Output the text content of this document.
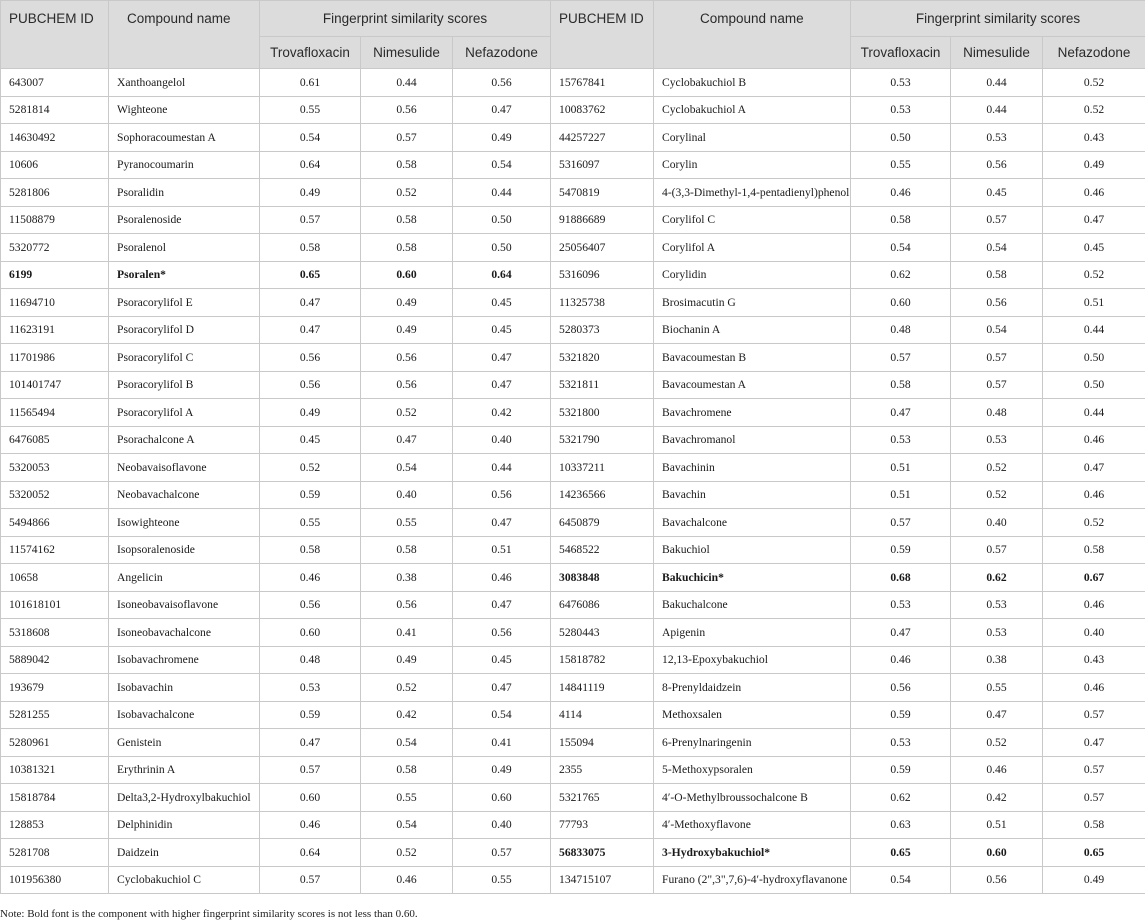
PUBCHEM ID	Compound name	Fingerprint similarity scores			PUBCHEM ID	Compound name	Fingerprint similarity scores		
		Trovafloxacin	Nimesulide	Nefazodone			Trovafloxacin	Nimesulide	Nefazodone
643007	Xanthoangelol	0.61	0.44	0.56	15767841	Cyclobakuchiol B	0.53	0.44	0.52
5281814	Wighteone	0.55	0.56	0.47	10083762	Cyclobakuchiol A	0.53	0.44	0.52
14630492	Sophoracoumestan A	0.54	0.57	0.49	44257227	Corylinal	0.50	0.53	0.43
10606	Pyranocoumarin	0.64	0.58	0.54	5316097	Corylin	0.55	0.56	0.49
5281806	Psoralidin	0.49	0.52	0.44	5470819	4-(3,3-Dimethyl-1,4-pentadienyl)phenol	0.46	0.45	0.46
11508879	Psoralenoside	0.57	0.58	0.50	91886689	Corylifol C	0.58	0.57	0.47
5320772	Psoralenol	0.58	0.58	0.50	25056407	Corylifol A	0.54	0.54	0.45
6199	Psoralen*	0.65	0.60	0.64	5316096	Corylidin	0.62	0.58	0.52
11694710	Psoracorylifol E	0.47	0.49	0.45	11325738	Brosimacutin G	0.60	0.56	0.51
11623191	Psoracorylifol D	0.47	0.49	0.45	5280373	Biochanin A	0.48	0.54	0.44
11701986	Psoracorylifol C	0.56	0.56	0.47	5321820	Bavacoumestan B	0.57	0.57	0.50
101401747	Psoracorylifol B	0.56	0.56	0.47	5321811	Bavacoumestan A	0.58	0.57	0.50
11565494	Psoracorylifol A	0.49	0.52	0.42	5321800	Bavachromene	0.47	0.48	0.44
6476085	Psorachalcone A	0.45	0.47	0.40	5321790	Bavachromanol	0.53	0.53	0.46
5320053	Neobavaisoflavone	0.52	0.54	0.44	10337211	Bavachinin	0.51	0.52	0.47
5320052	Neobavachalcone	0.59	0.40	0.56	14236566	Bavachin	0.51	0.52	0.46
5494866	Isowighteone	0.55	0.55	0.47	6450879	Bavachalcone	0.57	0.40	0.52
11574162	Isopsoralenoside	0.58	0.58	0.51	5468522	Bakuchiol	0.59	0.57	0.58
10658	Angelicin	0.46	0.38	0.46	3083848	Bakuchicin*	0.68	0.62	0.67
101618101	Isoneobavaisoflavone	0.56	0.56	0.47	6476086	Bakuchalcone	0.53	0.53	0.46
5318608	Isoneobavachalcone	0.60	0.41	0.56	5280443	Apigenin	0.47	0.53	0.40
5889042	Isobavachromene	0.48	0.49	0.45	15818782	12,13-Epoxybakuchiol	0.46	0.38	0.43
193679	Isobavachin	0.53	0.52	0.47	14841119	8-Prenyldaidzein	0.56	0.55	0.46
5281255	Isobavachalcone	0.59	0.42	0.54	4114	Methoxsalen	0.59	0.47	0.57
5280961	Genistein	0.47	0.54	0.41	155094	6-Prenylnaringenin	0.53	0.52	0.47
10381321	Erythrinin A	0.57	0.58	0.49	2355	5-Methoxypsoralen	0.59	0.46	0.57
15818784	Delta3,2-Hydroxylbakuchiol	0.60	0.55	0.60	5321765	4′-O-Methylbroussochalcone B	0.62	0.42	0.57
128853	Delphinidin	0.46	0.54	0.40	77793	4′-Methoxyflavone	0.63	0.51	0.58
5281708	Daidzein	0.64	0.52	0.57	56833075	3-Hydroxybakuchiol*	0.65	0.60	0.65
101956380	Cyclobakuchiol C	0.57	0.46	0.55	134715107	Furano (2",3",7,6)-4′-hydroxyflavanone	0.54	0.56	0.49
Note: Bold font is the component with higher fingerprint similarity scores is not less than 0.60.
